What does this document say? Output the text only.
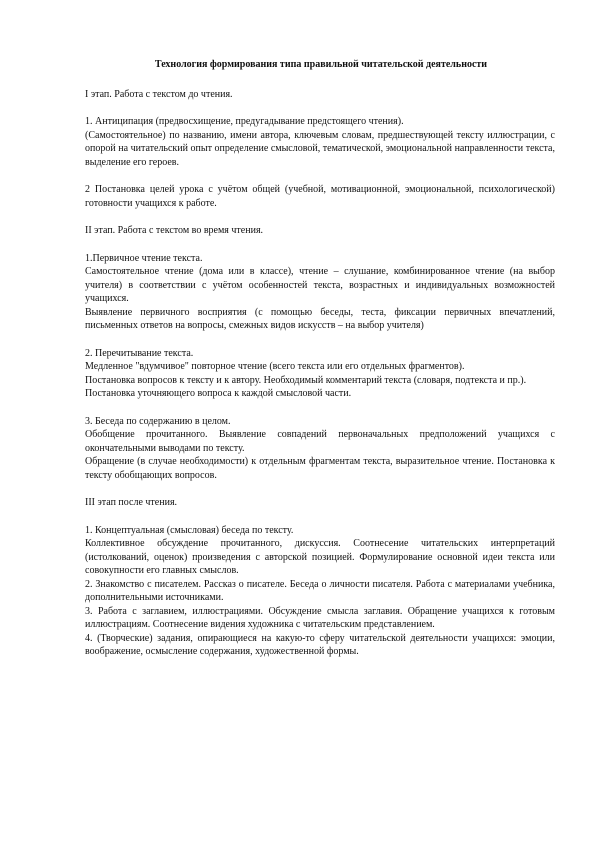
Технология формирования типа правильной читательской деятельности

I этап. Работа с текстом до чтения.

1. Антиципация (предвосхищение, предугадывание предстоящего чтения).

(Самостоятельное) по названию, имени автора, ключевым словам, предшествующей тексту иллюстрации, с опорой на читательский опыт определение смысловой, тематической, эмоциональной направленности текста, выделение его героев.

2 Постановка целей урока с учётом общей (учебной, мотивационной, эмоциональной, психологической) готовности учащихся к работе.

II этап. Работа с текстом во время чтения.

1.Первичное чтение текста.

Самостоятельное чтение (дома или в классе), чтение – слушание, комбинированное чтение (на выбор учителя) в соответствии с учётом особенностей текста, возрастных и индивидуальных возможностей учащихся.

Выявление первичного восприятия (с помощью беседы, теста, фиксации первичных впечатлений, письменных ответов на вопросы, смежных видов искусств – на выбор учителя)

2. Перечитывание текста.

Медленное "вдумчивое" повторное чтение (всего текста или его отдельных фрагментов).

Постановка вопросов к тексту и к автору. Необходимый комментарий текста (словаря, подтекста и пр.).

Постановка уточняющего вопроса к каждой смысловой части.

3. Беседа по содержанию в целом.

Обобщение прочитанного. Выявление совпадений первоначальных предположений учащихся с окончательными выводами по тексту.

Обращение (в случае необходимости) к отдельным фрагментам текста, выразительное чтение. Постановка к тексту обобщающих вопросов.

III этап после чтения.

1. Концептуальная (смысловая) беседа по тексту.

Коллективное обсуждение прочитанного, дискуссия. Соотнесение читательских интерпретаций (истолкований, оценок) произведения с авторской позицией. Формулирование основной идеи текста или совокупности его главных смыслов.

2. Знакомство с писателем. Рассказ о писателе. Беседа о личности писателя. Работа с материалами учебника, дополнительными источниками.

3. Работа с заглавием, иллюстрациями. Обсуждение смысла заглавия. Обращение учащихся к готовым иллюстрациям. Соотнесение видения художника с читательским представлением.

4. (Творческие) задания, опирающиеся на какую-то сферу читательской деятельности учащихся: эмоции, воображение, осмысление содержания, художественной формы.
